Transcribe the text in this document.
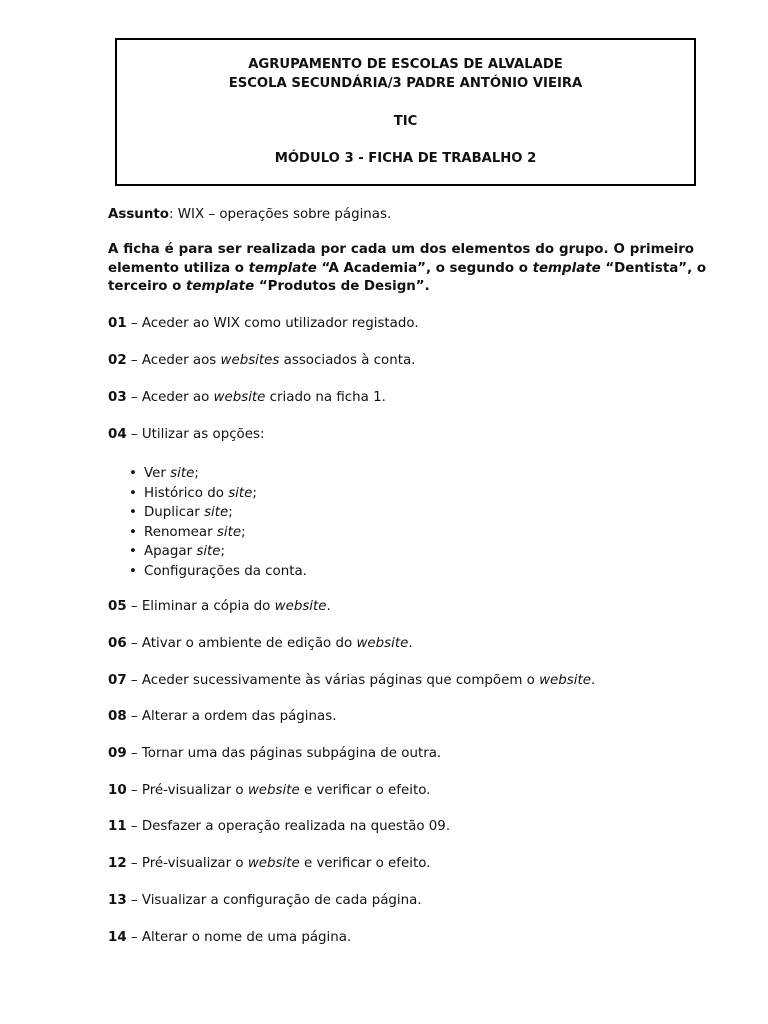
AGRUPAMENTO DE ESCOLAS DE ALVALADE
ESCOLA SECUNDÁRIA/3 PADRE ANTÓNIO VIEIRA
TIC
MÓDULO 3 - FICHA DE TRABALHO 2
Assunto: WIX – operações sobre páginas.
A ficha é para ser realizada por cada um dos elementos do grupo. O primeiro
elemento utiliza o template “A Academia”, o segundo o template “Dentista”, o
terceiro o template “Produtos de Design”.
01 – Aceder ao WIX como utilizador registado.
02 – Aceder aos websites associados à conta.
03 – Aceder ao website criado na ficha 1.
04 – Utilizar as opções:
• Ver site;
• Histórico do site;
• Duplicar site;
• Renomear site;
• Apagar site;
• Configurações da conta.
05 – Eliminar a cópia do website.
06 – Ativar o ambiente de edição do website.
07 – Aceder sucessivamente às várias páginas que compõem o website.
08 – Alterar a ordem das páginas.
09 – Tornar uma das páginas subpágina de outra.
10 – Pré-visualizar o website e verificar o efeito.
11 – Desfazer a operação realizada na questão 09.
12 – Pré-visualizar o website e verificar o efeito.
13 – Visualizar a configuração de cada página.
14 – Alterar o nome de uma página.
